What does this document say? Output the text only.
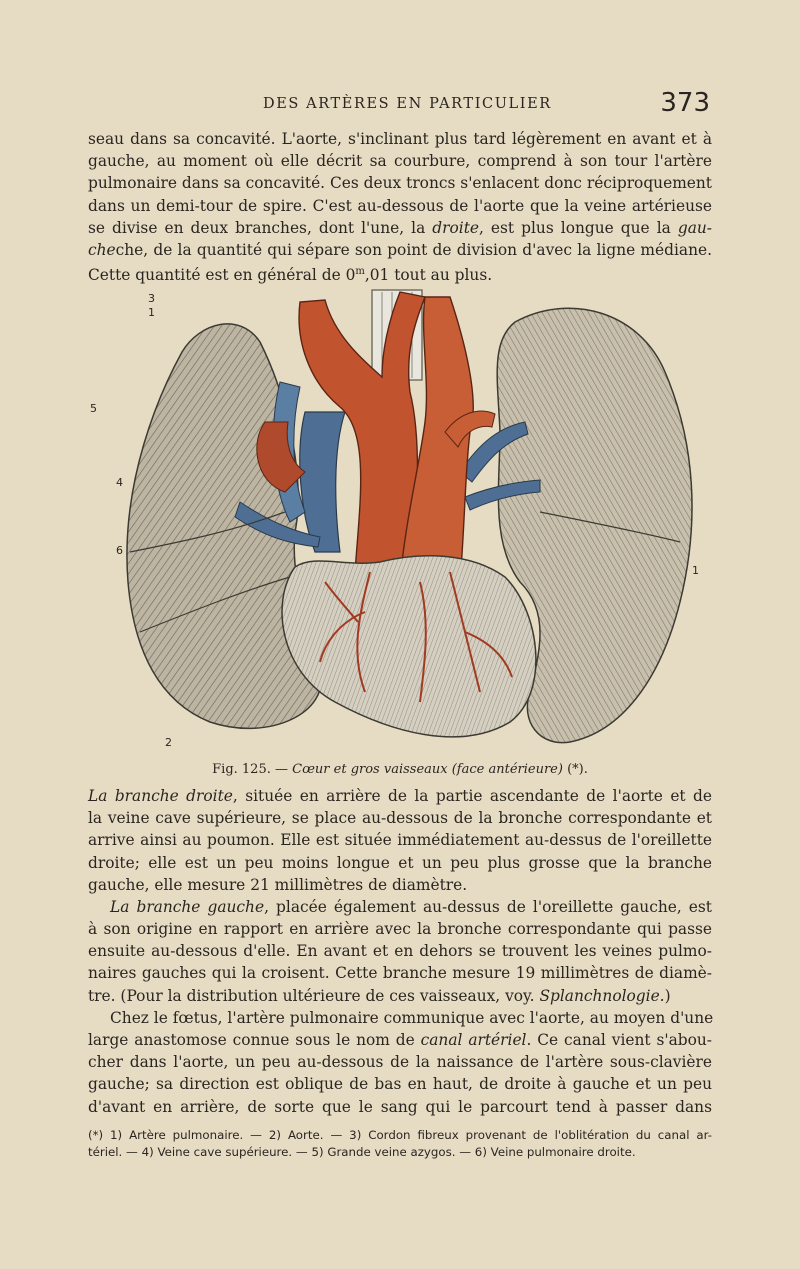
DES ARTÈRES EN PARTICULIER	373

seau dans sa concavité. L'aorte, s'inclinant plus tard légèrement en avant et à
gauche, au moment où elle décrit sa courbure, comprend à son tour l'artère
pulmonaire dans sa concavité. Ces deux troncs s'enlacent donc réciproquement
dans un demi-tour de spire. C'est au-dessous de l'aorte que la veine artérieuse
se divise en deux branches, dont l'une, la droite, est plus longue que la gau-
cheche, de la quantité qui sépare son point de division d'avec la ligne médiane.
Cette quantité est en général de 0$^m$,01 tout au plus.

3
1
5
4
6
2
1
Fig. 125. — Cœur et gros vaisseaux (face antérieure) (*).

La branche droite, située en arrière de la partie ascendante de l'aorte et de
la veine cave supérieure, se place au-dessous de la bronche correspondante et
arrive ainsi au poumon. Elle est située immédiatement au-dessus de l'oreillette
droite; elle est un peu moins longue et un peu plus grosse que la branche
gauche, elle mesure 21 millimètres de diamètre.

La branche gauche, placée également au-dessus de l'oreillette gauche, est

à son origine en rapport en arrière avec la bronche correspondante qui passe
ensuite au-dessous d'elle. En avant et en dehors se trouvent les veines pulmo-
naires gauches qui la croisent. Cette branche mesure 19 millimètres de diamè-
tre. (Pour la distribution ultérieure de ces vaisseaux, voy. Splanchnologie.)

Chez le fœtus, l'artère pulmonaire communique avec l'aorte, au moyen d'une

large anastomose connue sous le nom de canal artériel. Ce canal vient s'abou-
cher dans l'aorte, un peu au-dessous de la naissance de l'artère sous-clavière
gauche; sa direction est oblique de bas en haut, de droite à gauche et un peu
d'avant en arrière, de sorte que le sang qui le parcourt tend à passer dans

(*) 1) Artère pulmonaire. — 2) Aorte. — 3) Cordon fibreux provenant de l'oblitération du canal ar-
tériel. — 4) Veine cave supérieure. — 5) Grande veine azygos. — 6) Veine pulmonaire droite.
